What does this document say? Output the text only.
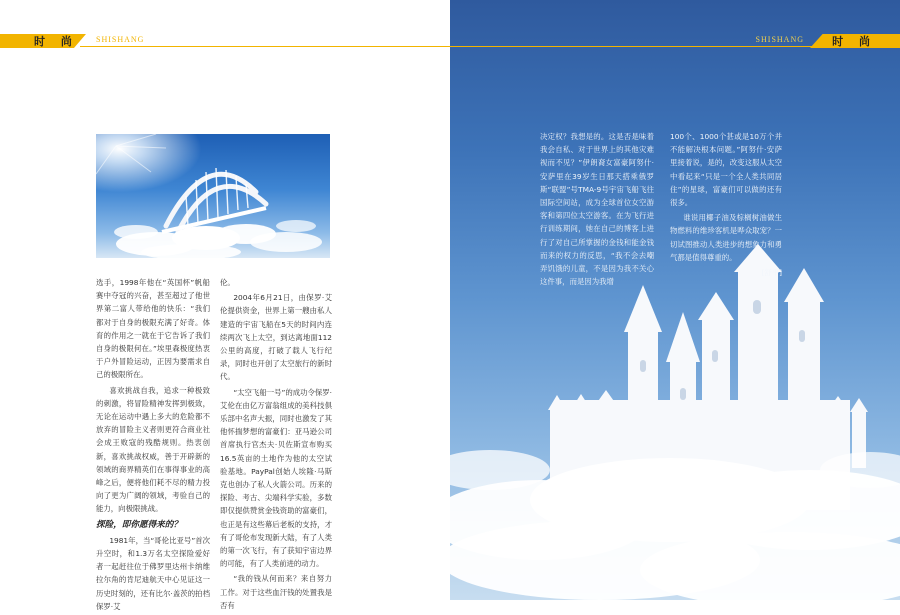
时 尚 SHISHANG

选手，1998年他在“英国杯”帆船赛中夺冠的兴奋，甚至超过了他世界第二富人带给他的快乐：“我们都对于自身的极限充满了好奇。体育的作用之一就在于它告诉了我们自身的极限何在。”埃里森极度热衷于户外冒险运动，正因为要需求自己的极限所在。

喜欢挑战自我，追求一种极致的刺激，将冒险精神发挥到极致，无论在运动中遇上多大的危险都不放弃的冒险主义者则更符合商业社会成王败寇的残酷规则。热衷创新，喜欢挑战权威，善于开辟新的领域的商界精英们在事得事业的高峰之后，便将他们耗不尽的精力投向了更为广阔的领域，考验自己的能力，向极限挑战。

探险，即你愿得来的？

1981年，当“哥伦比亚号”首次升空时，和1.3万名太空探险爱好者一起赶往位于佛罗里达州卡纳维拉尔角的肯尼迪航天中心见证这一历史时刻的，还有比尔·盖茨的拍档保罗·艾

伦。

2004年6月21日，由保罗·艾伦提供资金，世界上第一艘由私人建造的宇宙飞船在5天的时间内连续两次飞上太空，到达离地面112公里的高度，打破了载人飞行纪录，同时也开创了太空旅行的新时代。

“太空飞船一号”的成功令保罗·艾伦在由亿万富翁组成的美科技俱乐部中名声大振，同时也激发了其他怀揣梦想的富豪们：亚马逊公司首席执行官杰夫·贝佐斯宣布购买16.5英亩的土地作为他的太空试验基地。PayPal创始人埃隆·马斯克也创办了私人火箭公司。历来的探险、考古、尖端科学实验，多数即仅提供赞赏金钱资助的富豪们，也正是有这些幕后老板的支持，才有了哥伦布发现新大陆，有了人类的第一次飞行，有了获知宇宙边界的可能，有了人类前进的动力。

“我的钱从何而来？来自努力工作。对于这些血汗钱的处置我是否有

SHISHANG	时 尚

决定权？我想是的。这是否是味着我会自私、对于世界上的其他灾难视而不见？”伊朗裔女富豪阿努什·安萨里在39岁生日那天搭乘俄罗斯“联盟”号TMA-9号宇宙飞船飞往国际空间站，成为全球首位女空游客和第四位太空游客。在为飞行进行训练期间，她在自己的博客上进行了对自己所掌握的金钱和能金钱而来的权力的反思，“我不会去嘲弄饥饿的儿童，不是因为我不关心这件事，而是因为我增

100个、1000个甚或是10万个并不能解决根本问题。”阿努什·安萨里接着说，是的，改变这服从太空中看起来“只是一个全人类共同居住”的星球，富豪们可以做的还有很多。

谁说用椰子油及棕榈树油做生物燃料的维珍客机是哗众取宠？一切试图推动人类进步的想象力和勇气都是值得尊重的。

[舒平]
